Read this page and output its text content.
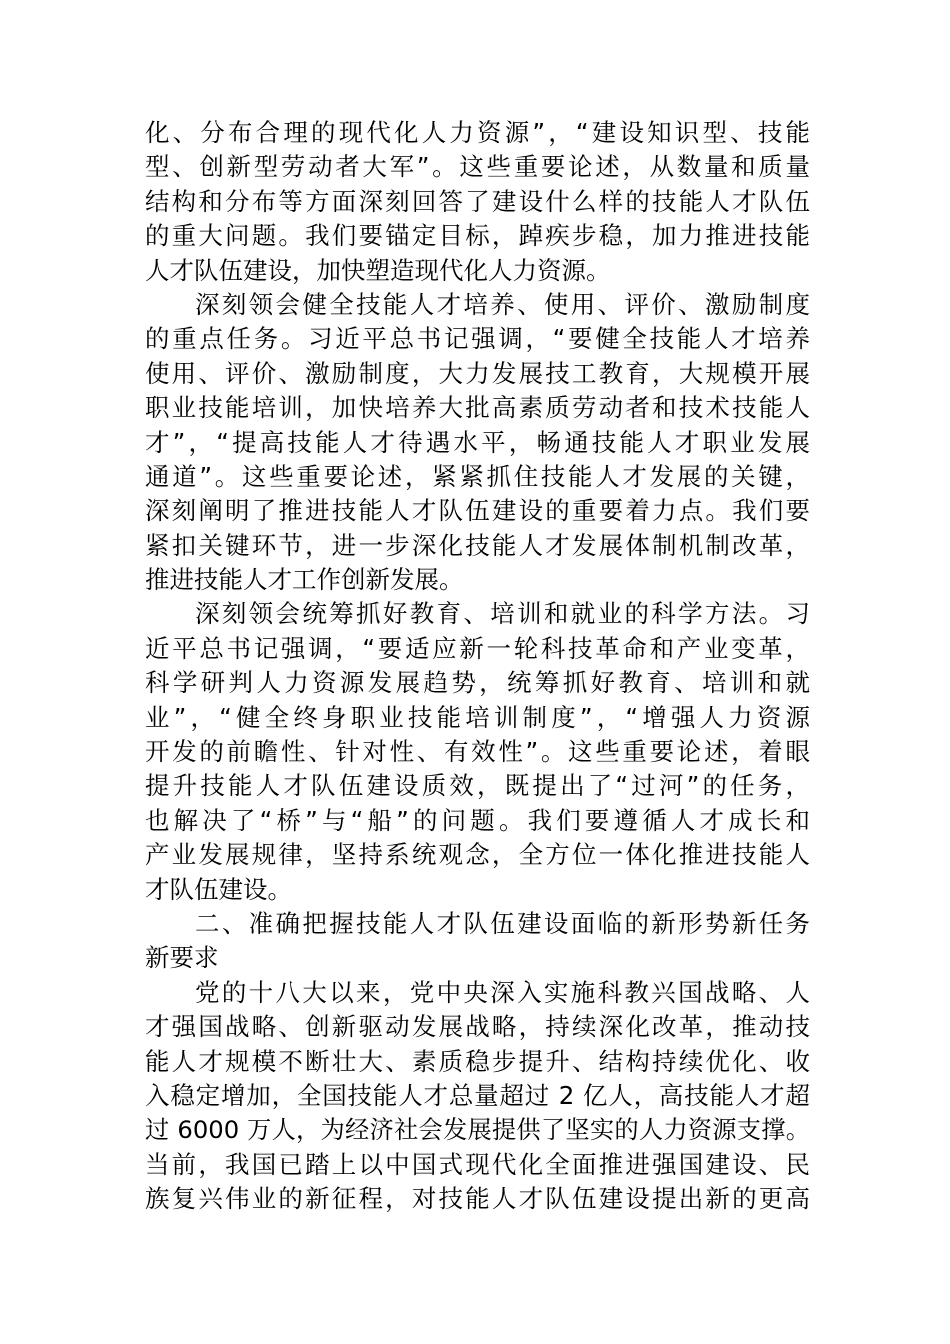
化、分布合理的现代化人力资源”，“建设知识型、技能
型、创新型劳动者大军”。这些重要论述，从数量和质量
结构和分布等方面深刻回答了建设什么样的技能人才队伍
的重大问题。我们要锚定目标，踔疾步稳，加力推进技能
人才队伍建设，加快塑造现代化人力资源。
深刻领会健全技能人才培养、使用、评价、激励制度
的重点任务。习近平总书记强调，“要健全技能人才培养
使用、评价、激励制度，大力发展技工教育，大规模开展
职业技能培训，加快培养大批高素质劳动者和技术技能人
才”，“提高技能人才待遇水平，畅通技能人才职业发展
通道”。这些重要论述，紧紧抓住技能人才发展的关键，
深刻阐明了推进技能人才队伍建设的重要着力点。我们要
紧扣关键环节，进一步深化技能人才发展体制机制改革，
推进技能人才工作创新发展。
深刻领会统筹抓好教育、培训和就业的科学方法。习
近平总书记强调，“要适应新一轮科技革命和产业变革，
科学研判人力资源发展趋势，统筹抓好教育、培训和就
业”，“健全终身职业技能培训制度”，“增强人力资源
开发的前瞻性、针对性、有效性”。这些重要论述，着眼
提升技能人才队伍建设质效，既提出了“过河”的任务，
也解决了“桥”与“船”的问题。我们要遵循人才成长和
产业发展规律，坚持系统观念，全方位一体化推进技能人
才队伍建设。
二、准确把握技能人才队伍建设面临的新形势新任务
新要求
党的十八大以来，党中央深入实施科教兴国战略、人
才强国战略、创新驱动发展战略，持续深化改革，推动技
能人才规模不断壮大、素质稳步提升、结构持续优化、收
入稳定增加，全国技能人才总量超过 2 亿人，高技能人才超
过 6000 万人，为经济社会发展提供了坚实的人力资源支撑。
当前，我国已踏上以中国式现代化全面推进强国建设、民
族复兴伟业的新征程，对技能人才队伍建设提出新的更高
